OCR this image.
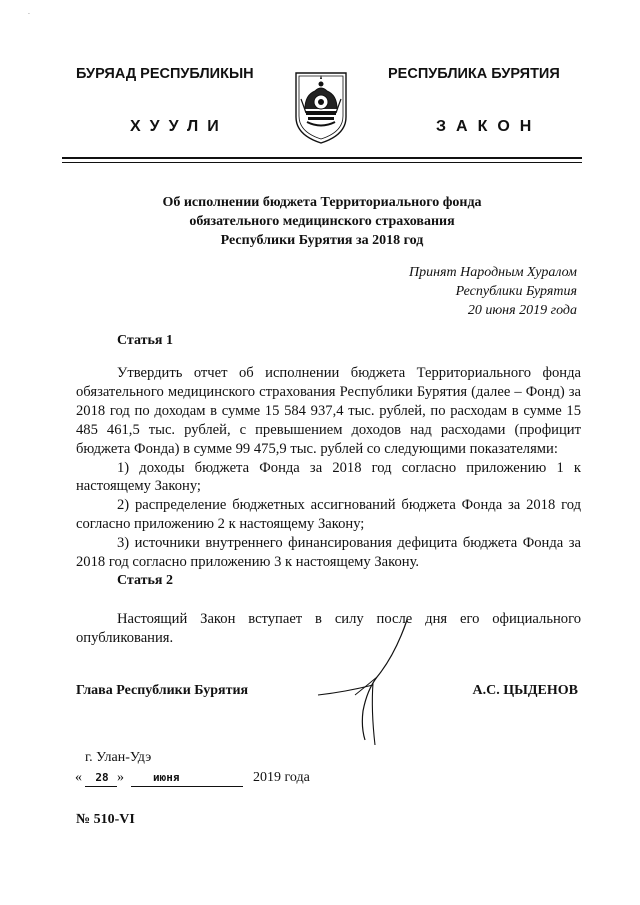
˙
БУРЯАД РЕСПУБЛИКЫН	РЕСПУБЛИКА БУРЯТИЯ
ХУУЛИ	ЗАКОН
Об исполнении бюджета Территориального фонда
обязательного медицинского страхования
Республики Бурятия за 2018 год
Принят Народным Хуралом
Республики Бурятия
20 июня 2019 года
Статья 1

Утвердить отчет об исполнении бюджета Территориального фонда обязательного медицинского страхования Республики Бурятия (далее – Фонд) за 2018 год по доходам в сумме 15 584 937,4 тыс. рублей, по расходам в сумме 15 485 461,5 тыс. рублей, с превышением доходов над расходами (профицит бюджета Фонда) в сумме 99 475,9 тыс. рублей со следующими показателями:

1) доходы бюджета Фонда за 2018 год согласно приложению 1 к настоящему Закону;

2) распределение бюджетных ассигнований бюджета Фонда за 2018 год согласно приложению 2 к настоящему Закону;

3) источники внутреннего финансирования дефицита бюджета Фонда за 2018 год согласно приложению 3 к настоящему Закону.

Статья 2

Настоящий Закон вступает в силу после дня его официального опубликования.

Глава Республики Бурятия	А.С. ЦЫДЕНОВ
г. Улан-Удэ
«	28 »	июня	2019 года
№ 510-VI
